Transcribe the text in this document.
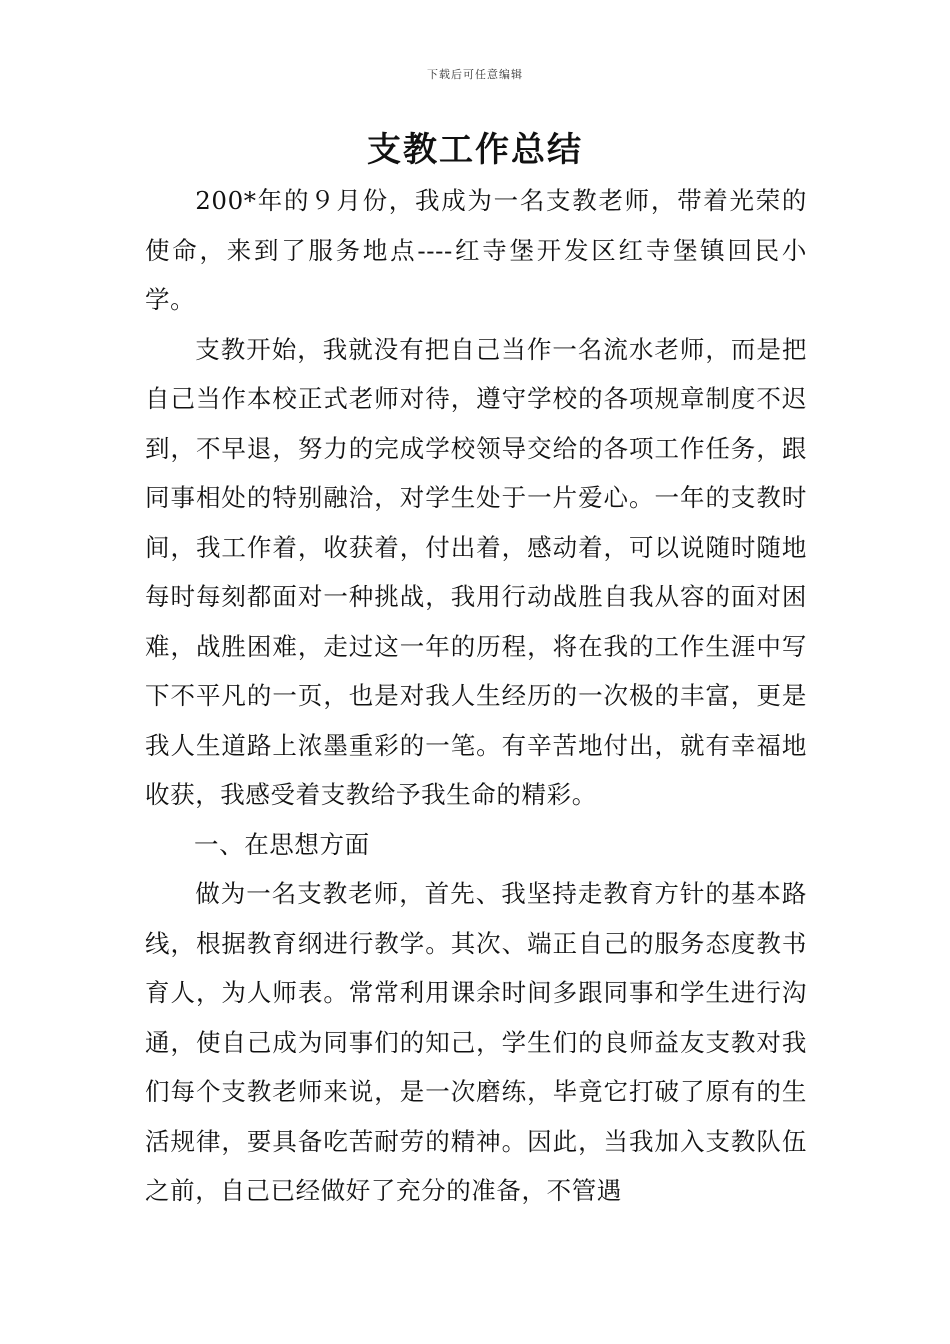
下载后可任意编辑
支教工作总结

200*年的９月份，我成为一名支教老师，带着光荣的使命，来到了服务地点----红寺堡开发区红寺堡镇回民小学。

支教开始，我就没有把自己当作一名流水老师，而是把自己当作本校正式老师对待，遵守学校的各项规章制度不迟到，不早退，努力的完成学校领导交给的各项工作任务，跟同事相处的特别融洽，对学生处于一片爱心。一年的支教时间，我工作着，收获着，付出着，感动着，可以说随时随地每时每刻都面对一种挑战，我用行动战胜自我从容的面对困难，战胜困难，走过这一年的历程，将在我的工作生涯中写下不平凡的一页，也是对我人生经历的一次极的丰富，更是我人生道路上浓墨重彩的一笔。有辛苦地付出，就有幸福地收获，我感受着支教给予我生命的精彩。

一、在思想方面

做为一名支教老师，首先、我坚持走教育方针的基本路线，根据教育纲进行教学。其次、端正自己的服务态度教书育人，为人师表。常常利用课余时间多跟同事和学生进行沟通，使自己成为同事们的知己，学生们的良师益友支教对我们每个支教老师来说，是一次磨练，毕竟它打破了原有的生活规律，要具备吃苦耐劳的精神。因此，当我加入支教队伍之前，自己已经做好了充分的准备，不管遇
